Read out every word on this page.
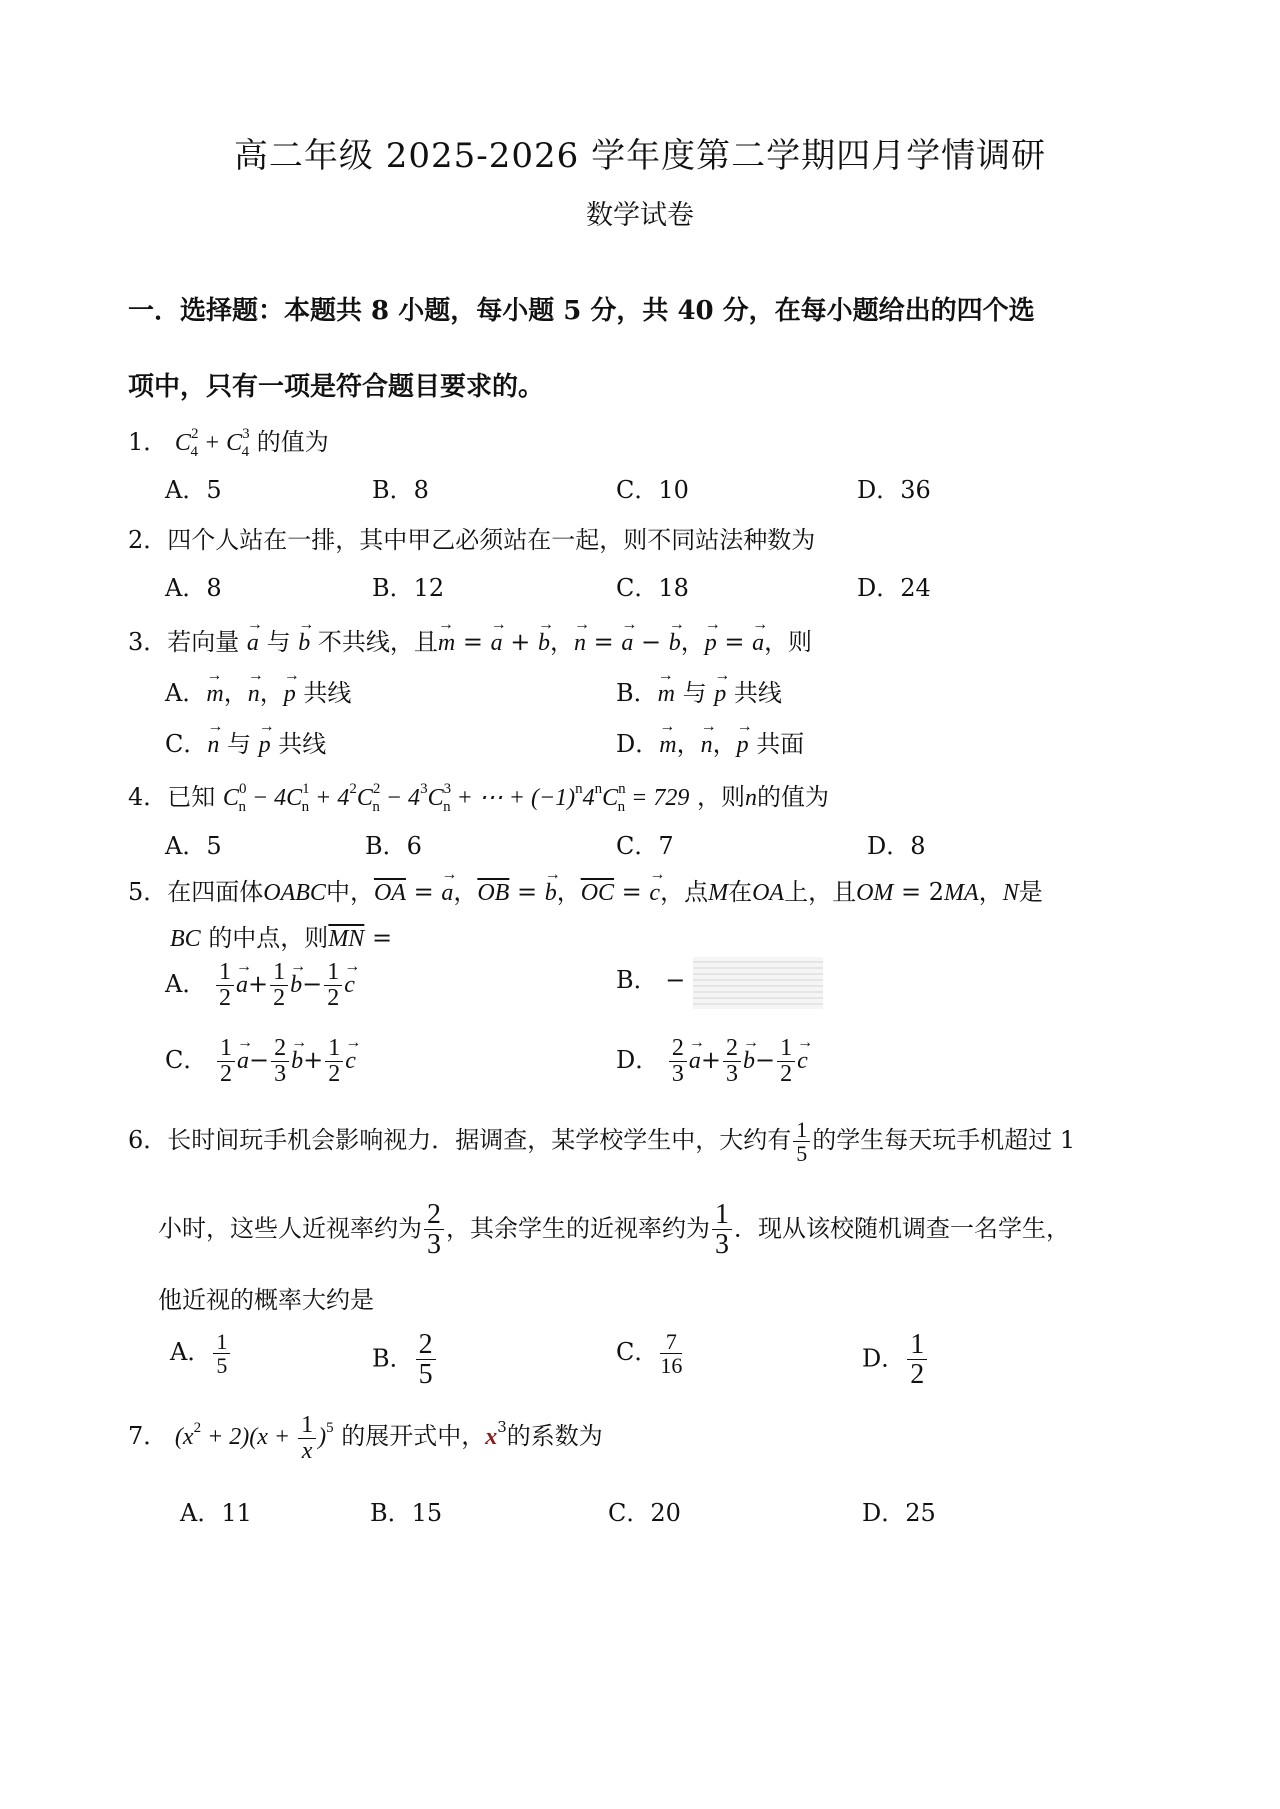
高二年级 2025-2026 学年度第二学期四月学情调研
数学试卷
一．选择题：本题共 8 小题，每小题 5 分，共 40 分，在每小题给出的四个选
项中，只有一项是符合题目要求的。
1． $C^2_4 + C^3_4$ 的值为
A．5	B．8	C．10	D．36
2．四个人站在一排，其中甲乙必须站在一起，则不同站法种数为
A．8	B．12	C．18	D．24
3．若向量 → a 与 → b 不共线，且→ m = → a + → b，→ n = → a − → b，→ p = → a，则
A．→ m，→ n，→ p 共线	B．→ m 与 → p 共线
C．→ n 与 → p 共线	D．→ m，→ n，→ p 共面
4．已知 $C^0_n - 4C^1_n + 4^2C^2_n - 4^3C^3_n$ + ⋯ + $(-1)^n4^nC^n_n = 729$ ，则n的值为
A．5	B．6	C．7	D．8
5．在四面体OABC中，$\overline{OA}$ = → a，$\overline{OB}$ = → b，$\overline{OC}$ = → c，点M在OA上，且OM = 2MA，N是
BC 的中点，则$\overline{MN}$ =
A． $\frac{1}{2} \to a+ \frac{1}{2} \to b- \frac{1}{2} \to c$	B． −
C． $\frac{1}{2} \to a- \frac{2}{3} \to b+ \frac{1}{2} \to c$	D． $\frac{2}{3} \to a+ \frac{2}{3} \to b- \frac{1}{2} \to c$
6．长时间玩手机会影响视力．据调查，某学校学生中，大约有 $\frac{1}{5}$ 的学生每天玩手机超过 1
小时，这些人近视率约为 $\frac{2}{3}$ ，其余学生的近视率约为 $\frac{1}{3}$ ．现从该校随机调查一名学生，
他近视的概率大约是
A． $\frac{1}{5}$	B． $\frac{2}{5}$	C． $\frac{7}{16}$	D． $\frac{1}{2}$
7． $(x^2 + 2)(x + \frac{1}{x} )^5$ 的展开式中，$x^3$的系数为
A．11	B．15	C．20	D．25
